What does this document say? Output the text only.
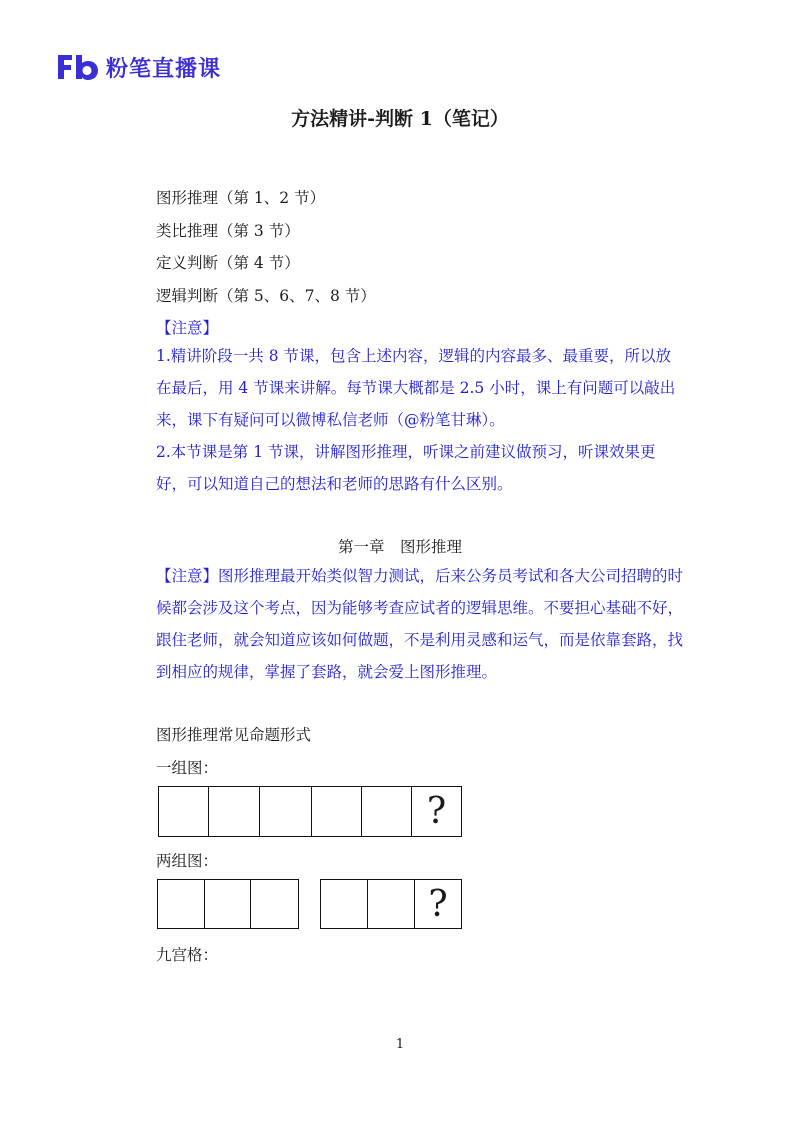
粉笔直播课
方法精讲-判断 1（笔记）
图形推理（第 1、2 节）
类比推理（第 3 节）
定义判断（第 4 节）
逻辑判断（第 5、6、7、8 节）
【注意】
1.精讲阶段一共 8 节课，包含上述内容，逻辑的内容最多、最重要，所以放在最后，用 4 节课来讲解。每节课大概都是 2.5 小时，课上有问题可以敲出来，课下有疑问可以微博私信老师（@粉笔甘琳）。
2.本节课是第 1 节课，讲解图形推理，听课之前建议做预习，听课效果更好，可以知道自己的想法和老师的思路有什么区别。
第一章　图形推理
【注意】图形推理最开始类似智力测试，后来公务员考试和各大公司招聘的时候都会涉及这个考点，因为能够考查应试者的逻辑思维。不要担心基础不好，跟住老师，就会知道应该如何做题，不是利用灵感和运气，而是依靠套路，找到相应的规律，掌握了套路，就会爱上图形推理。
图形推理常见命题形式
一组图：
?
两组图：
?
九宫格：
1
